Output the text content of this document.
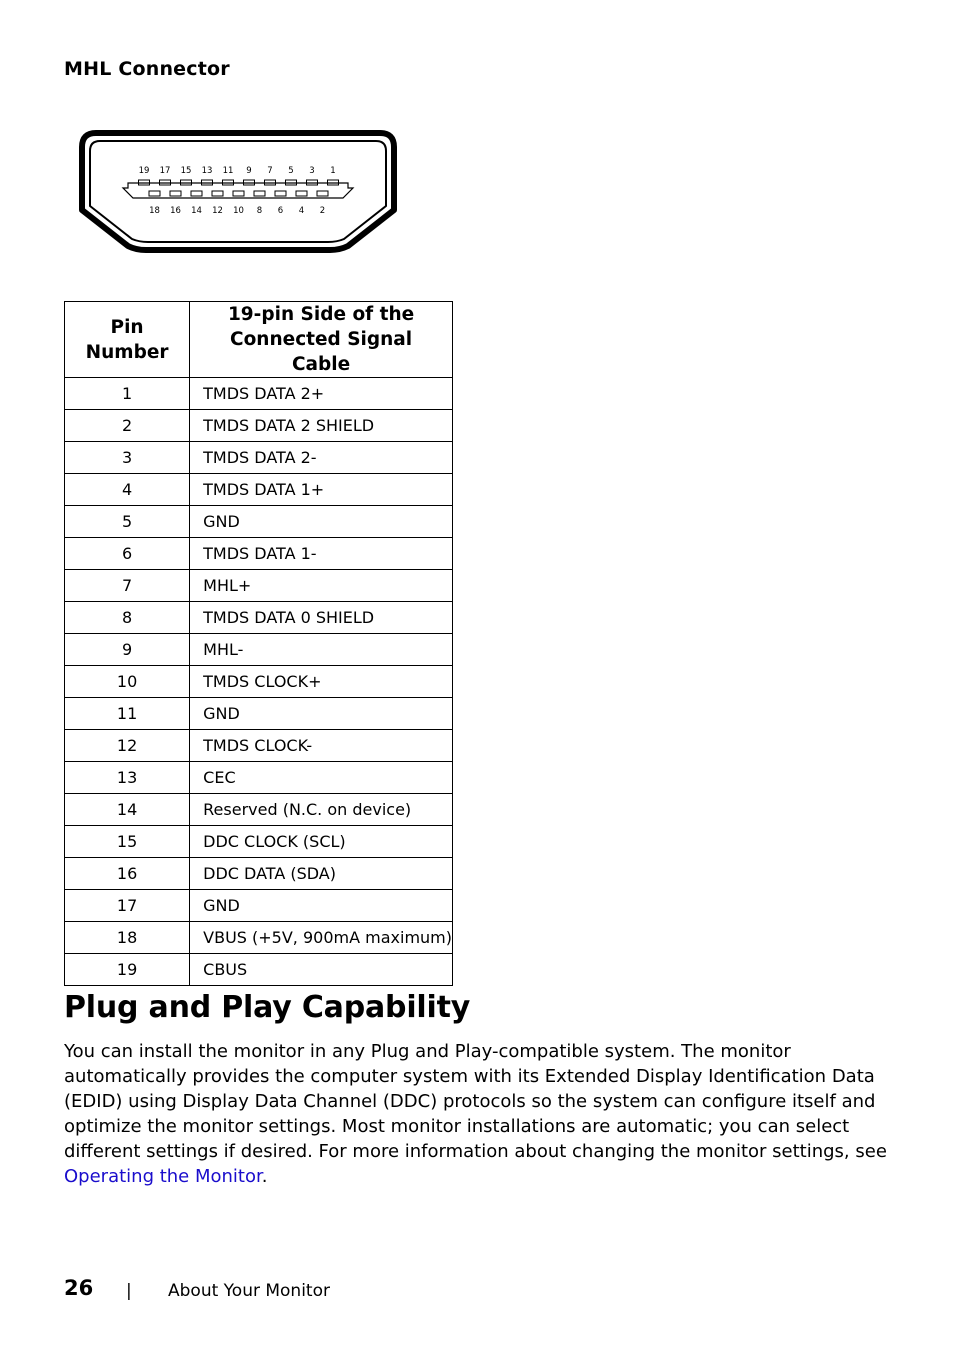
MHL Connector
19 17 15 13 11 9 7 5 3 1
18 16 14 12 10 8 6 4 2
Pin Number	19-pin Side of the Connected Signal Cable
1	TMDS DATA 2+
2	TMDS DATA 2 SHIELD
3	TMDS DATA 2-
4	TMDS DATA 1+
5	GND
6	TMDS DATA 1-
7	MHL+
8	TMDS DATA 0 SHIELD
9	MHL-
10	TMDS CLOCK+
11	GND
12	TMDS CLOCK-
13	CEC
14	Reserved (N.C. on device)
15	DDC CLOCK (SCL)
16	DDC DATA (SDA)
17	GND
18	VBUS (+5V, 900mA maximum)
19	CBUS
Plug and Play Capability

You can install the monitor in any Plug and Play-compatible system. The monitor automatically provides the computer system with its Extended Display Identification Data (EDID) using Display Data Channel (DDC) protocols so the system can configure itself and optimize the monitor settings. Most monitor installations are automatic; you can select different settings if desired. For more information about changing the monitor settings, see Operating the Monitor.

26 | About Your Monitor
